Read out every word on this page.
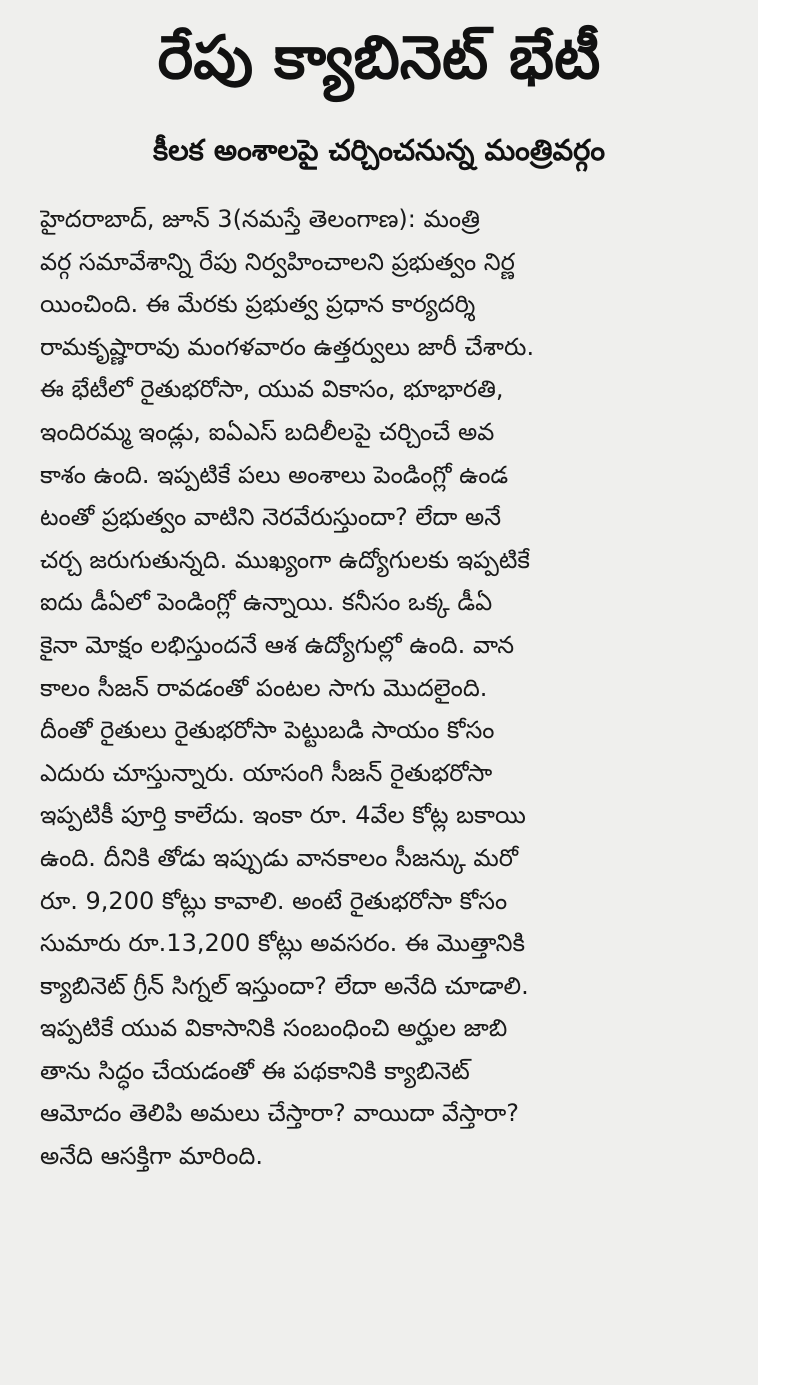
రేపు క్యాబినెట్ భేటీ
కీలక అంశాలపై చర్చించనున్న మంత్రివర్గం
హైదరాబాద్, జూన్ 3(నమస్తే తెలంగాణ): మంత్రి
వర్గ సమావేశాన్ని రేపు నిర్వహించాలని ప్రభుత్వం నిర్ణ
యించింది. ఈ మేరకు ప్రభుత్వ ప్రధాన కార్యదర్శి
రామకృష్ణారావు మంగళవారం ఉత్తర్వులు జారీ చేశారు.
ఈ భేటీలో రైతుభరోసా, యువ వికాసం, భూభారతి,
ఇందిరమ్మ ఇండ్లు, ఐఏఎస్ బదిలీలపై చర్చించే అవ
కాశం ఉంది. ఇప్పటికే పలు అంశాలు పెండింగ్లో ఉండ
టంతో ప్రభుత్వం వాటిని నెరవేరుస్తుందా? లేదా అనే
చర్చ జరుగుతున్నది. ముఖ్యంగా ఉద్యోగులకు ఇప్పటికే
ఐదు డీఏలో పెండింగ్లో ఉన్నాయి. కనీసం ఒక్క డీఏ
కైనా మోక్షం లభిస్తుందనే ఆశ ఉద్యోగుల్లో ఉంది. వాన
కాలం సీజన్ రావడంతో పంటల సాగు మొదలైంది.
దీంతో రైతులు రైతుభరోసా పెట్టుబడి సాయం కోసం
ఎదురు చూస్తున్నారు. యాసంగి సీజన్ రైతుభరోసా
ఇప్పటికీ పూర్తి కాలేదు. ఇంకా రూ. 4వేల కోట్ల బకాయి
ఉంది. దీనికి తోడు ఇప్పుడు వానకాలం సీజన్కు మరో
రూ. 9,200 కోట్లు కావాలి. అంటే రైతుభరోసా కోసం
సుమారు రూ.13,200 కోట్లు అవసరం. ఈ మొత్తానికి
క్యాబినెట్ గ్రీన్ సిగ్నల్ ఇస్తుందా? లేదా అనేది చూడాలి.
ఇప్పటికే యువ వికాసానికి సంబంధించి అర్హుల జాబి
తాను సిద్ధం చేయడంతో ఈ పథకానికి క్యాబినెట్
ఆమోదం తెలిపి అమలు చేస్తారా? వాయిదా వేస్తారా?
అనేది ఆసక్తిగా మారింది.
